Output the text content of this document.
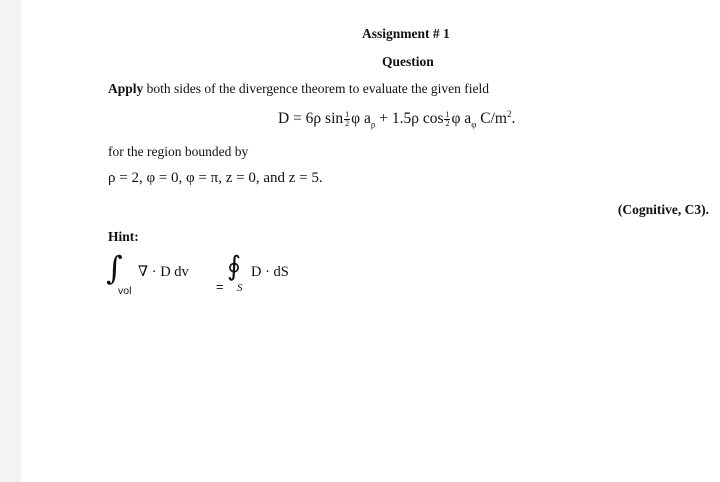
Assignment # 1
Question
Apply both sides of the divergence theorem to evaluate the given field
D = 6ρ $\sin \frac{1}{2}$ φ $a_\rho + 1.5\rho$ $\cos \frac{1}{2}$ φ $a_\varphi$ $C/m^2$.
for the region bounded by
ρ = 2, φ = 0, φ = π, z = 0, and z = 5.
(Cognitive, C3).
Hint:
∫
vol
∇ · D dv
=
∮
S
D · dS
